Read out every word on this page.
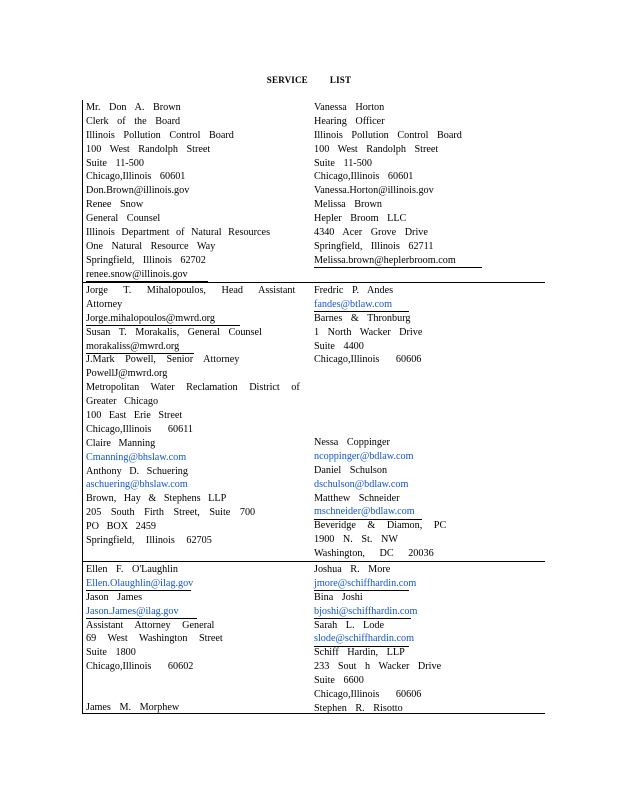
SERVICE LIST
Mr. Don A. Brown
Clerk of the Board
Illinois Pollution Control Board
100 West Randolph Street
Suite 11-500
Chicago,Illinois 60601
Don.Brown@illinois.gov
Renee Snow
General Counsel
Illinois Department of Natural Resources
One Natural Resource Way
Springfield, Illinois 62702
renee.snow@illinois.gov
Vanessa Horton
Hearing Officer
Illinois Pollution Control Board
100 West Randolph Street
Suite 11-500
Chicago,Illinois 60601
Vanessa.Horton@illinois.gov
Melissa Brown
Hepler Broom LLC
4340 Acer Grove Drive
Springfield, Illinois 62711
Melissa.brown@heplerbroom.com
Jorge T. Mihalopoulos, Head Assistant
Attorney
Jorge.mihalopoulos@mwrd.org
Susan T. Morakalis, General Counsel
morakaliss@mwrd.org
J.Mark Powell, Senior Attorney
PowellJ@mwrd.org
Metropolitan Water Reclamation District of
Greater Chicago
100 East Erie Street
Chicago,Illinois 60611
Claire Manning
Cmanning@bhslaw.com
Anthony D. Schuering
aschuering@bhslaw.com
Brown, Hay & Stephens LLP
205 South Firth Street, Suite 700
PO BOX 2459
Springfield, Illinois 62705
Fredric P. Andes
fandes@btlaw.com
Barnes & Thronburg
1 North Wacker Drive
Suite 4400
Chicago,Illinois 60606
Nessa Coppinger
ncoppinger@bdlaw.com
Daniel Schulson
dschulson@bdlaw.com
Matthew Schneider
mschneider@bdlaw.com
Beveridge & Diamon, PC
1900 N. St. NW
Washington, DC 20036
Ellen F. O'Laughlin
Ellen.Olaughlin@ilag.gov
Jason James
Jason.James@ilag.gov
Assistant Attorney General
69 West Washington Street
Suite 1800
Chicago,Illinois 60602
James M. Morphew
Joshua R. More
jmore@schiffhardin.com
Bina Joshi
bjoshi@schiffhardin.com
Sarah L. Lode
slode@schiffhardin.com
Schiff Hardin, LLP
233 Sout h Wacker Drive
Suite 6600
Chicago,Illinois 60606
Stephen R. Risotto
